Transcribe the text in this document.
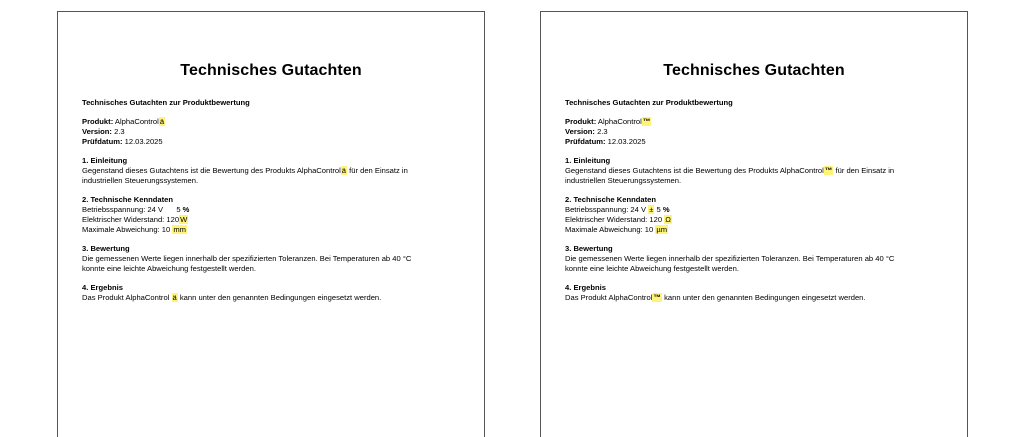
Technisches Gutachten
Technisches Gutachten zur Produktbewertung
Produkt: AlphaControlä
Version: 2.3
Prüfdatum: 12.03.2025
1. Einleitung
Gegenstand dieses Gutachtens ist die Bewertung des Produkts AlphaControlä für den Einsatz in
industriellen Steuerungssystemen.
2. Technische Kenndaten
Betriebsspannung: 24 V 5 %
Elektrischer Widerstand: 120W
Maximale Abweichung: 10 mm
3. Bewertung
Die gemessenen Werte liegen innerhalb der spezifizierten Toleranzen. Bei Temperaturen ab 40 °C
konnte eine leichte Abweichung festgestellt werden.
4. Ergebnis
Das Produkt AlphaControl ä kann unter den genannten Bedingungen eingesetzt werden.
Technisches Gutachten
Technisches Gutachten zur Produktbewertung
Produkt: AlphaControl™
Version: 2.3
Prüfdatum: 12.03.2025
1. Einleitung
Gegenstand dieses Gutachtens ist die Bewertung des Produkts AlphaControl™ für den Einsatz in
industriellen Steuerungssystemen.
2. Technische Kenndaten
Betriebsspannung: 24 V ± 5 %
Elektrischer Widerstand: 120 Ω
Maximale Abweichung: 10 µm
3. Bewertung
Die gemessenen Werte liegen innerhalb der spezifizierten Toleranzen. Bei Temperaturen ab 40 °C
konnte eine leichte Abweichung festgestellt werden.
4. Ergebnis
Das Produkt AlphaControl™ kann unter den genannten Bedingungen eingesetzt werden.
